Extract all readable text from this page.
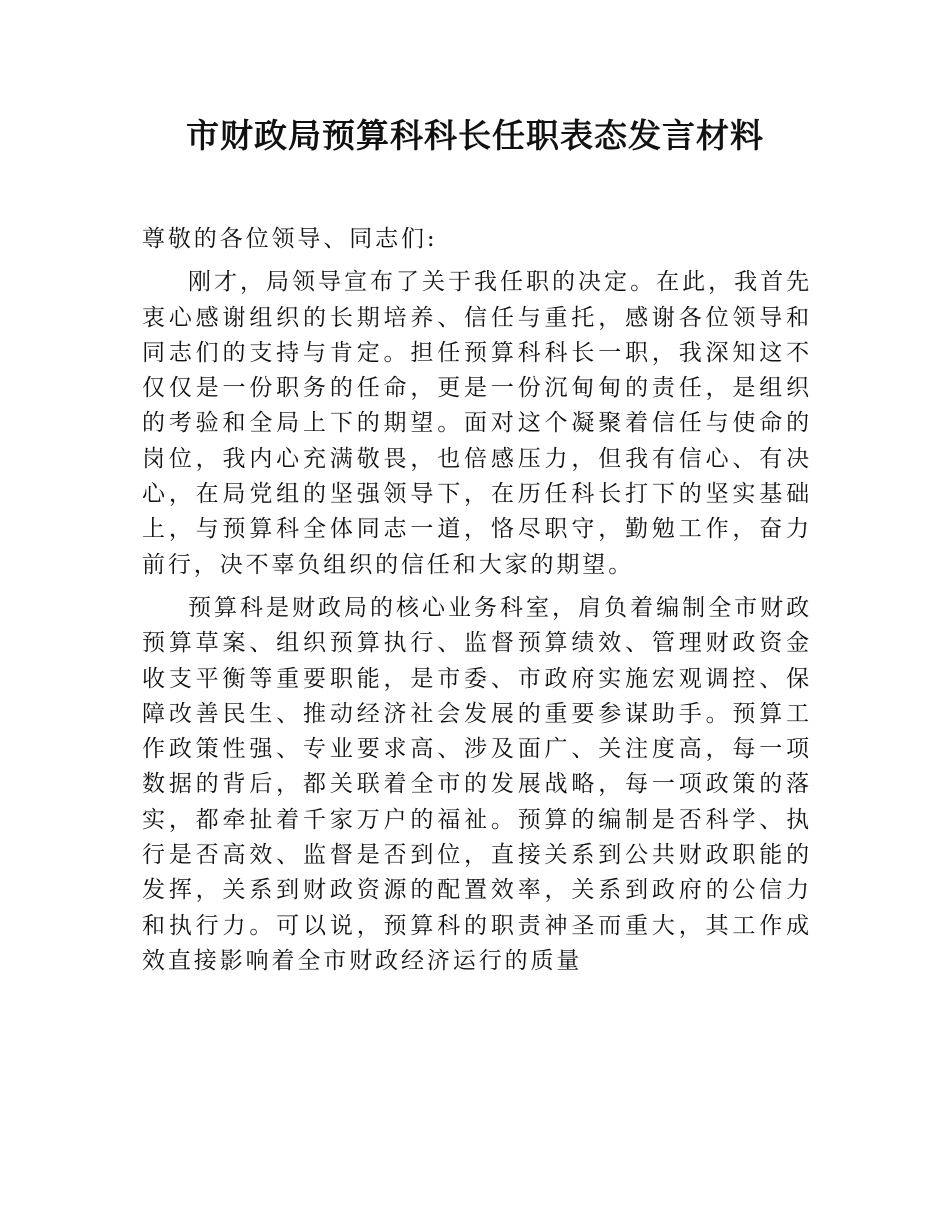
市财政局预算科科长任职表态发言材料

尊敬的各位领导、同志们:

刚才，局领导宣布了关于我任职的决定。在此，我首先衷心感谢组织的长期培养、信任与重托，感谢各位领导和同志们的支持与肯定。担任预算科科长一职，我深知这不仅仅是一份职务的任命，更是一份沉甸甸的责任，是组织的考验和全局上下的期望。面对这个凝聚着信任与使命的岗位，我内心充满敬畏，也倍感压力，但我有信心、有决心，在局党组的坚强领导下，在历任科长打下的坚实基础上，与预算科全体同志一道，恪尽职守，勤勉工作，奋力前行，决不辜负组织的信任和大家的期望。

预算科是财政局的核心业务科室，肩负着编制全市财政预算草案、组织预算执行、监督预算绩效、管理财政资金收支平衡等重要职能，是市委、市政府实施宏观调控、保障改善民生、推动经济社会发展的重要参谋助手。预算工作政策性强、专业要求高、涉及面广、关注度高，每一项数据的背后，都关联着全市的发展战略，每一项政策的落实，都牵扯着千家万户的福祉。预算的编制是否科学、执行是否高效、监督是否到位，直接关系到公共财政职能的发挥，关系到财政资源的配置效率，关系到政府的公信力和执行力。可以说，预算科的职责神圣而重大，其工作成效直接影响着全市财政经济运行的质量
